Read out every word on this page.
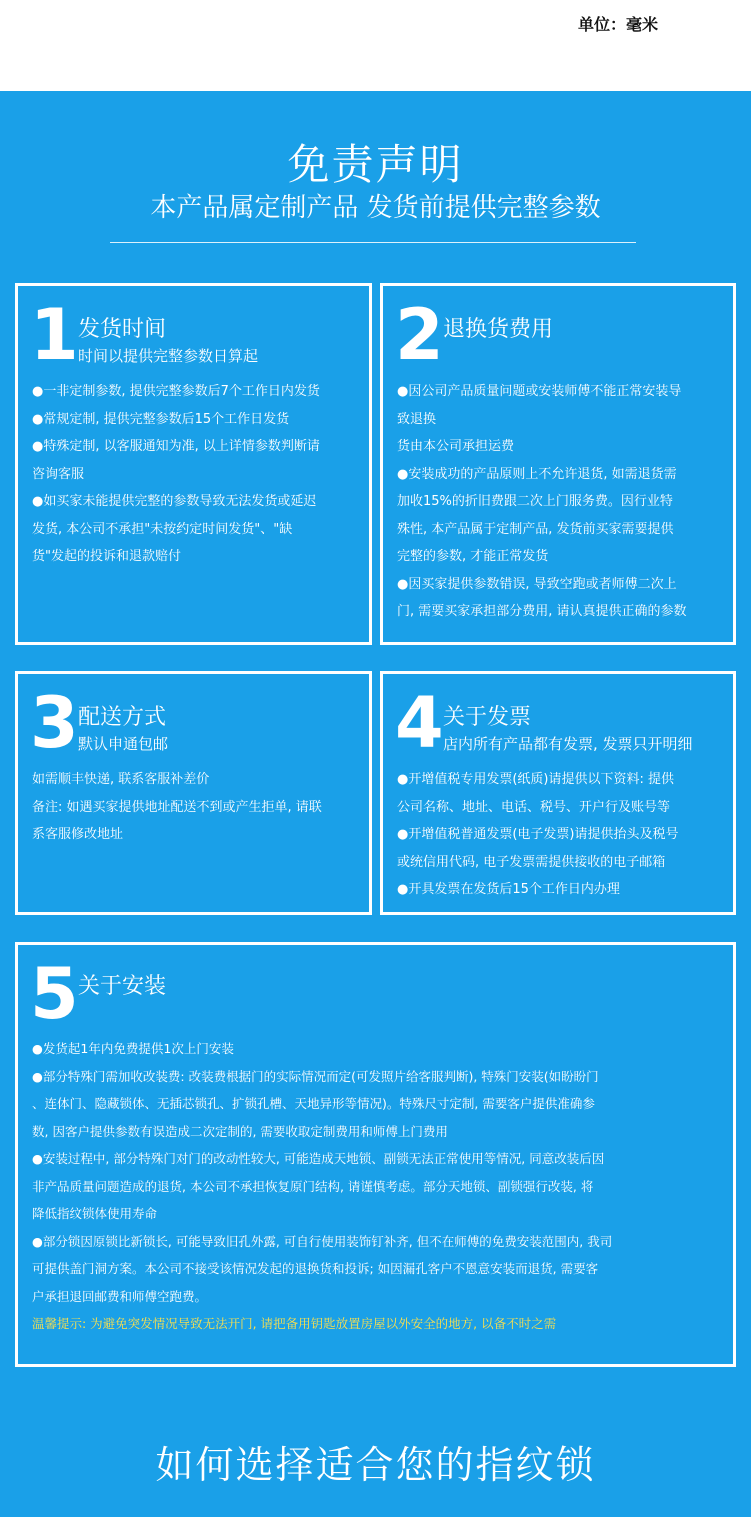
单位：毫米
免责声明
本产品属定制产品 发货前提供完整参数
1 发货时间
时间以提供完整参数日算起

●一非定制参数, 提供完整参数后7个工作日内发货

●常规定制, 提供完整参数后15个工作日发货

●特殊定制, 以客服通知为准, 以上详情参数判断请

咨询客服

●如买家未能提供完整的参数导致无法发货或延迟

发货, 本公司不承担"未按约定时间发货"、"缺

货"发起的投诉和退款赔付

2 退换货费用

●因公司产品质量问题或安装师傅不能正常安装导

致退换

货由本公司承担运费

●安装成功的产品原则上不允许退货, 如需退货需

加收15%的折旧费跟二次上门服务费。因行业特

殊性, 本产品属于定制产品, 发货前买家需要提供

完整的参数, 才能正常发货

●因买家提供参数错误, 导致空跑或者师傅二次上

门, 需要买家承担部分费用, 请认真提供正确的参数

3 配送方式
默认申通包邮

如需顺丰快递, 联系客服补差价

备注: 如遇买家提供地址配送不到或产生拒单, 请联

系客服修改地址

4 关于发票
店内所有产品都有发票, 发票只开明细

●开增值税专用发票(纸质)请提供以下资料: 提供

公司名称、地址、电话、税号、开户行及账号等

●开增值税普通发票(电子发票)请提供抬头及税号

或统信用代码, 电子发票需提供接收的电子邮箱

●开具发票在发货后15个工作日内办理

5 关于安装

●发货起1年内免费提供1次上门安装

●部分特殊门需加收改装费: 改装费根据门的实际情况而定(可发照片给客服判断), 特殊门安装(如盼盼门

、连体门、隐藏锁体、无插芯锁孔、扩锁孔槽、天地异形等情况)。特殊尺寸定制, 需要客户提供准确参

数, 因客户提供参数有误造成二次定制的, 需要收取定制费用和师傅上门费用

●安装过程中, 部分特殊门对门的改动性较大, 可能造成天地锁、副锁无法正常使用等情况, 同意改装后因

非产品质量问题造成的退货, 本公司不承担恢复原门结构, 请谨慎考虑。部分天地锁、副锁强行改装, 将

降低指纹锁体使用寿命

●部分锁因原锁比新锁长, 可能导致旧孔外露, 可自行使用装饰钉补齐, 但不在师傅的免费安装范围内, 我司

可提供盖门洞方案。本公司不接受该情况发起的退换货和投诉; 如因漏孔客户不恩意安装而退货, 需要客

户承担退回邮费和师傅空跑费。

温馨提示: 为避免突发情况导致无法开门, 请把备用钥匙放置房屋以外安全的地方, 以备不时之需

如何选择适合您的指纹锁
